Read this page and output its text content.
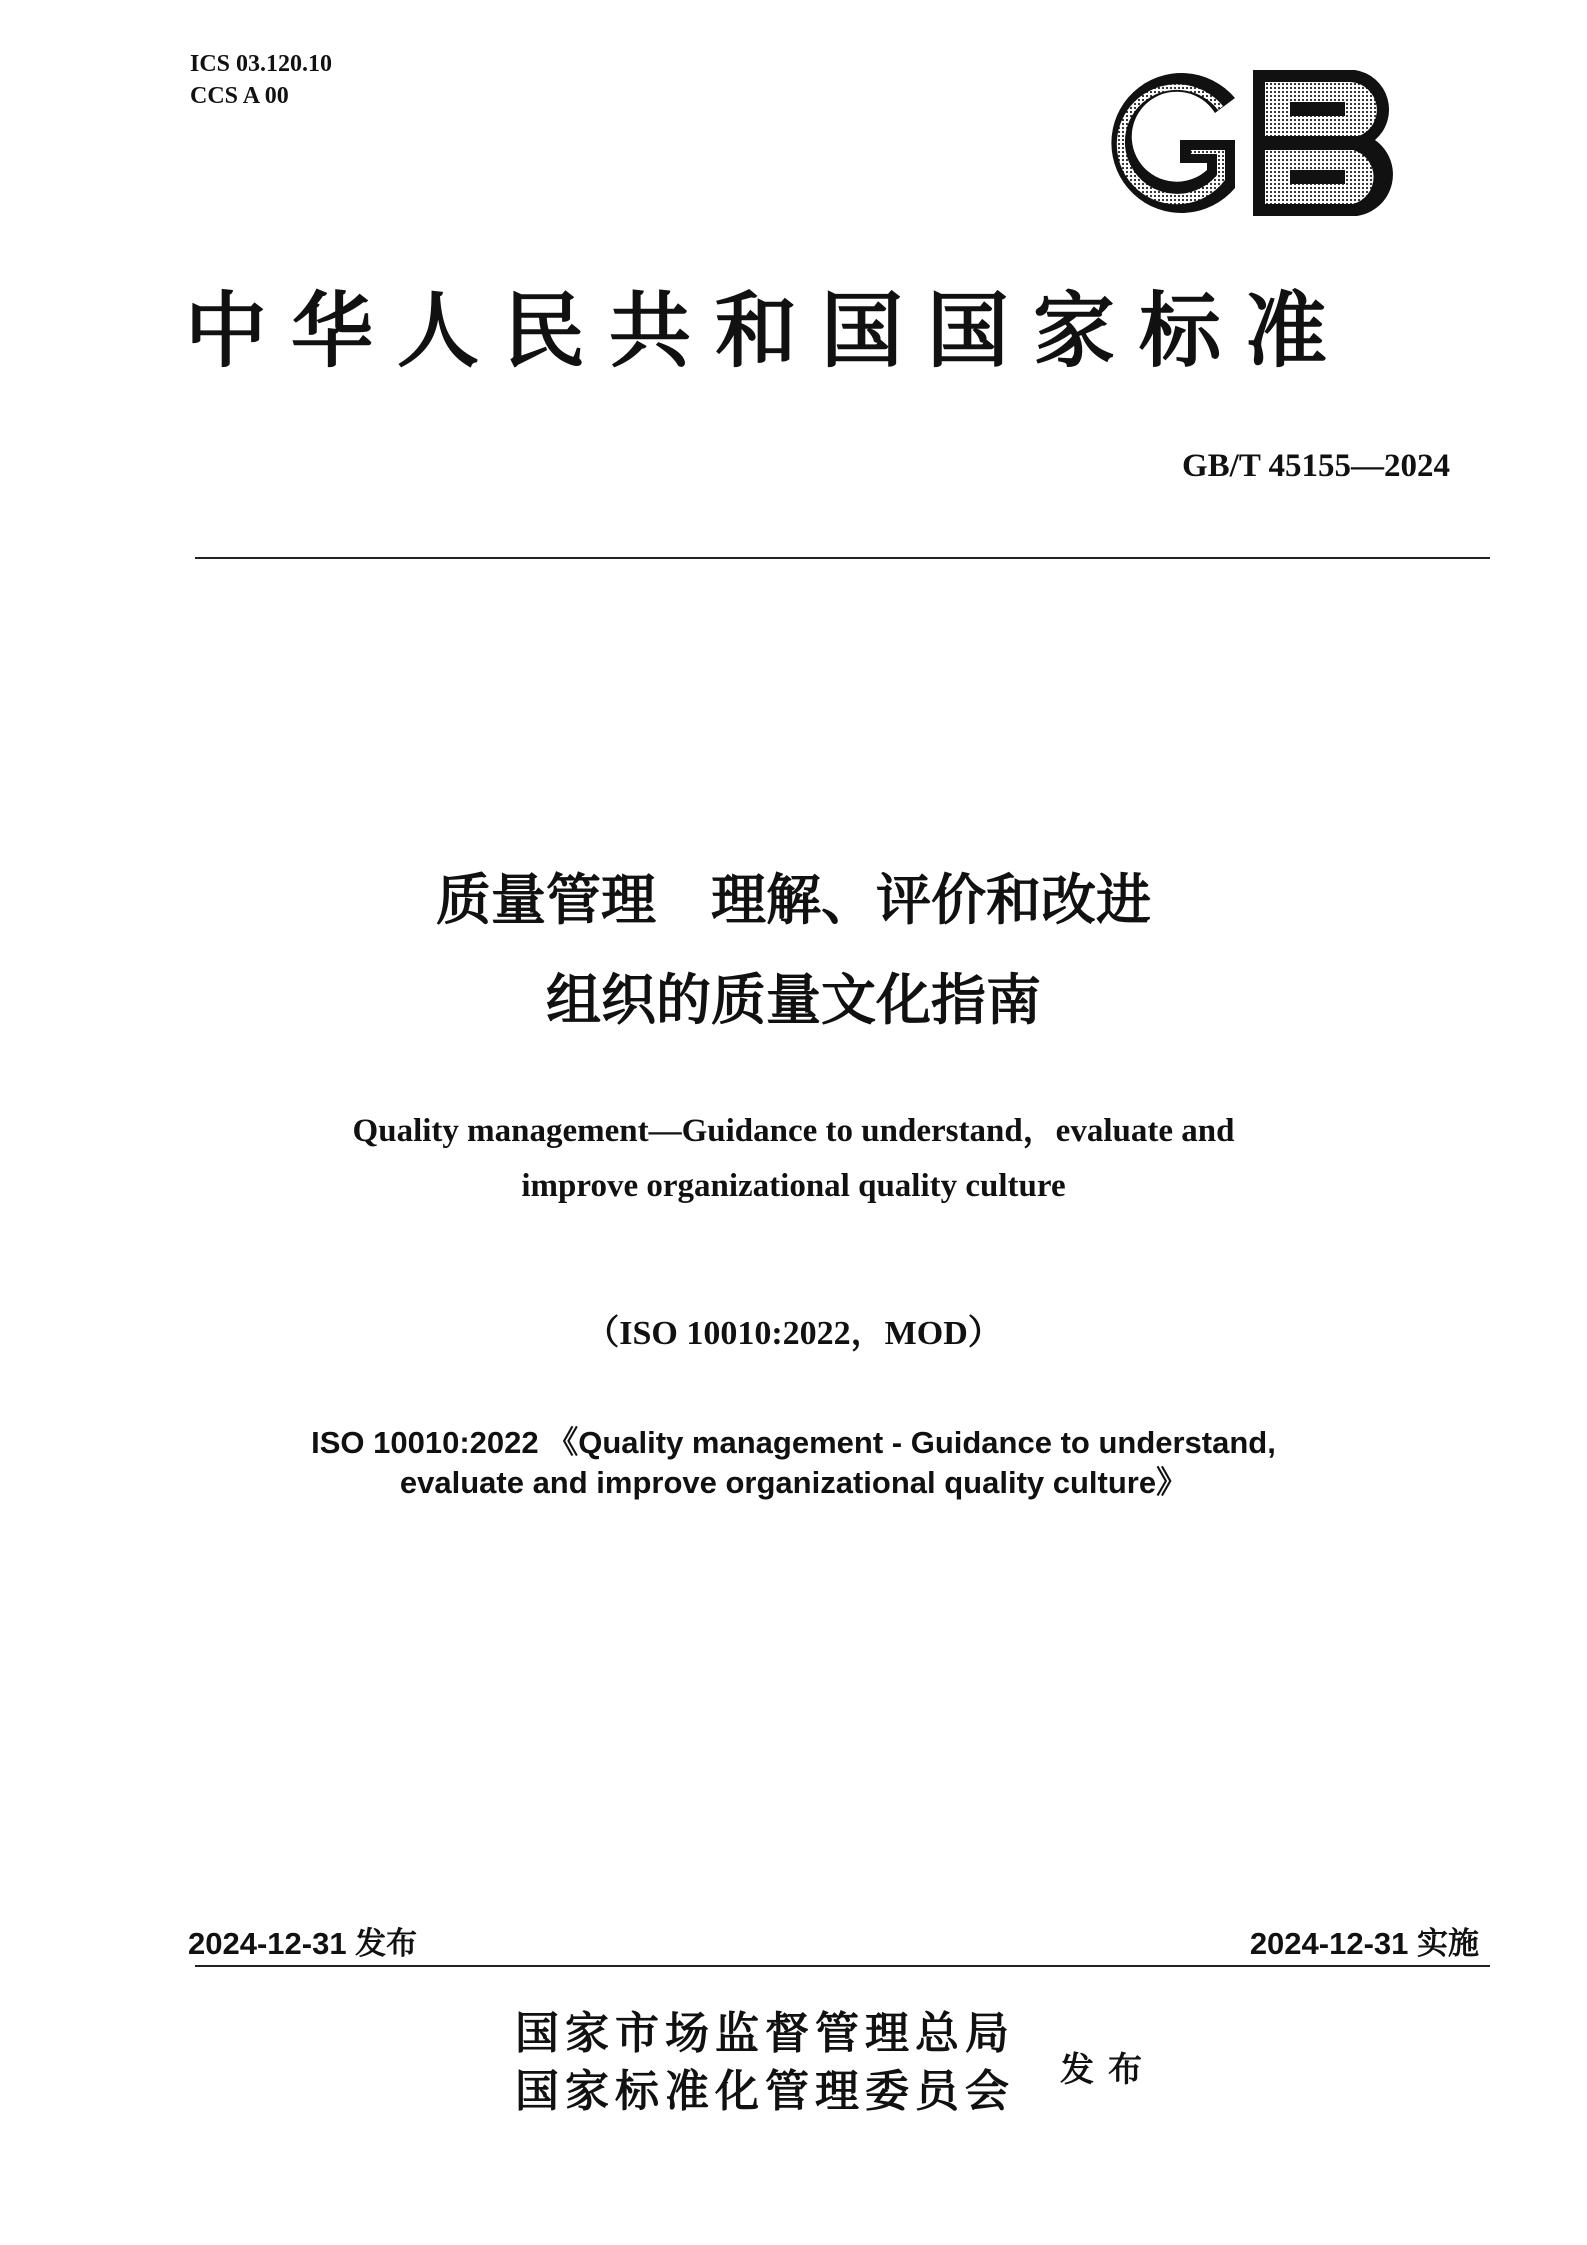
ICS 03.120.10
CCS A 00
中华人民共和国国家标准
GB/T 45155—2024
质量管理　理解、评价和改进
组织的质量文化指南
Quality management—Guidance to understand，evaluate and
improve organizational quality culture
（ISO 10010:2022，MOD）
ISO 10010:2022 《Quality management - Guidance to understand,
evaluate and improve organizational quality culture》
2024-12-31 发布	2024-12-31 实施
国家市场监督管理总局
国家标准化管理委员会 发布
